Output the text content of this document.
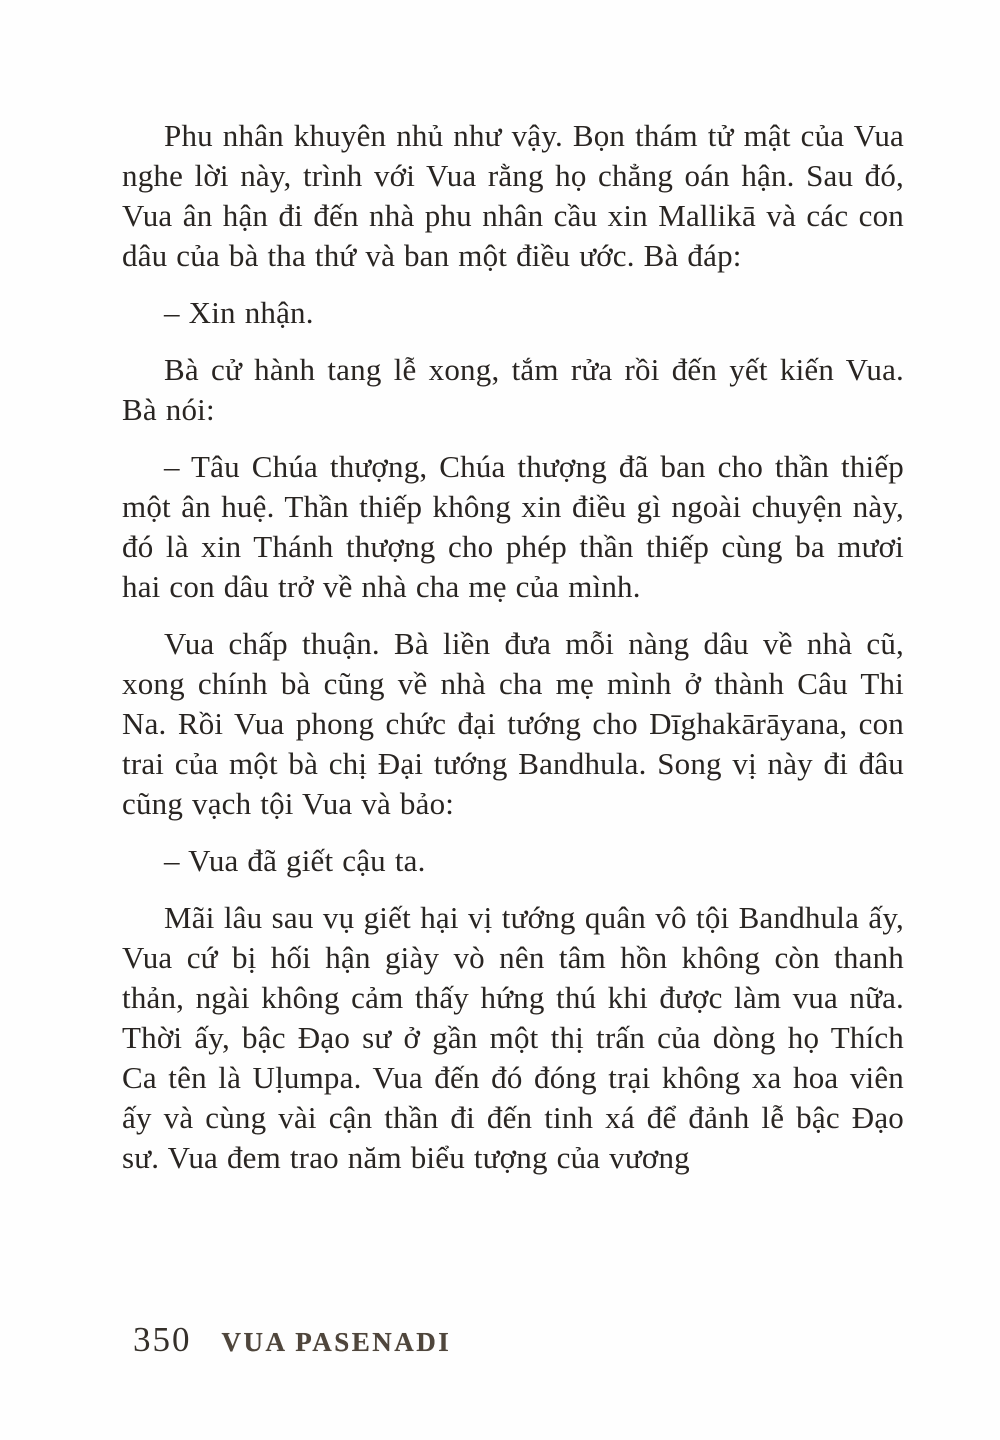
Phu nhân khuyên nhủ như vậy. Bọn thám tử mật của Vua nghe lời này, trình với Vua rằng họ chẳng oán hận. Sau đó, Vua ân hận đi đến nhà phu nhân cầu xin Mallikā và các con dâu của bà tha thứ và ban một điều ước. Bà đáp:

– Xin nhận.

Bà cử hành tang lễ xong, tắm rửa rồi đến yết kiến Vua. Bà nói:

– Tâu Chúa thượng, Chúa thượng đã ban cho thần thiếp một ân huệ. Thần thiếp không xin điều gì ngoài chuyện này, đó là xin Thánh thượng cho phép thần thiếp cùng ba mươi hai con dâu trở về nhà cha mẹ của mình.

Vua chấp thuận. Bà liền đưa mỗi nàng dâu về nhà cũ, xong chính bà cũng về nhà cha mẹ mình ở thành Câu Thi Na. Rồi Vua phong chức đại tướng cho Dīghakārāyana, con trai của một bà chị Đại tướng Bandhula. Song vị này đi đâu cũng vạch tội Vua và bảo:

– Vua đã giết cậu ta.

Mãi lâu sau vụ giết hại vị tướng quân vô tội Bandhula ấy, Vua cứ bị hối hận giày vò nên tâm hồn không còn thanh thản, ngài không cảm thấy hứng thú khi được làm vua nữa. Thời ấy, bậc Đạo sư ở gần một thị trấn của dòng họ Thích Ca tên là Uḷumpa. Vua đến đó đóng trại không xa hoa viên ấy và cùng vài cận thần đi đến tinh xá để đảnh lễ bậc Đạo sư. Vua đem trao năm biểu tượng của vương

350 VUA PASENADI
